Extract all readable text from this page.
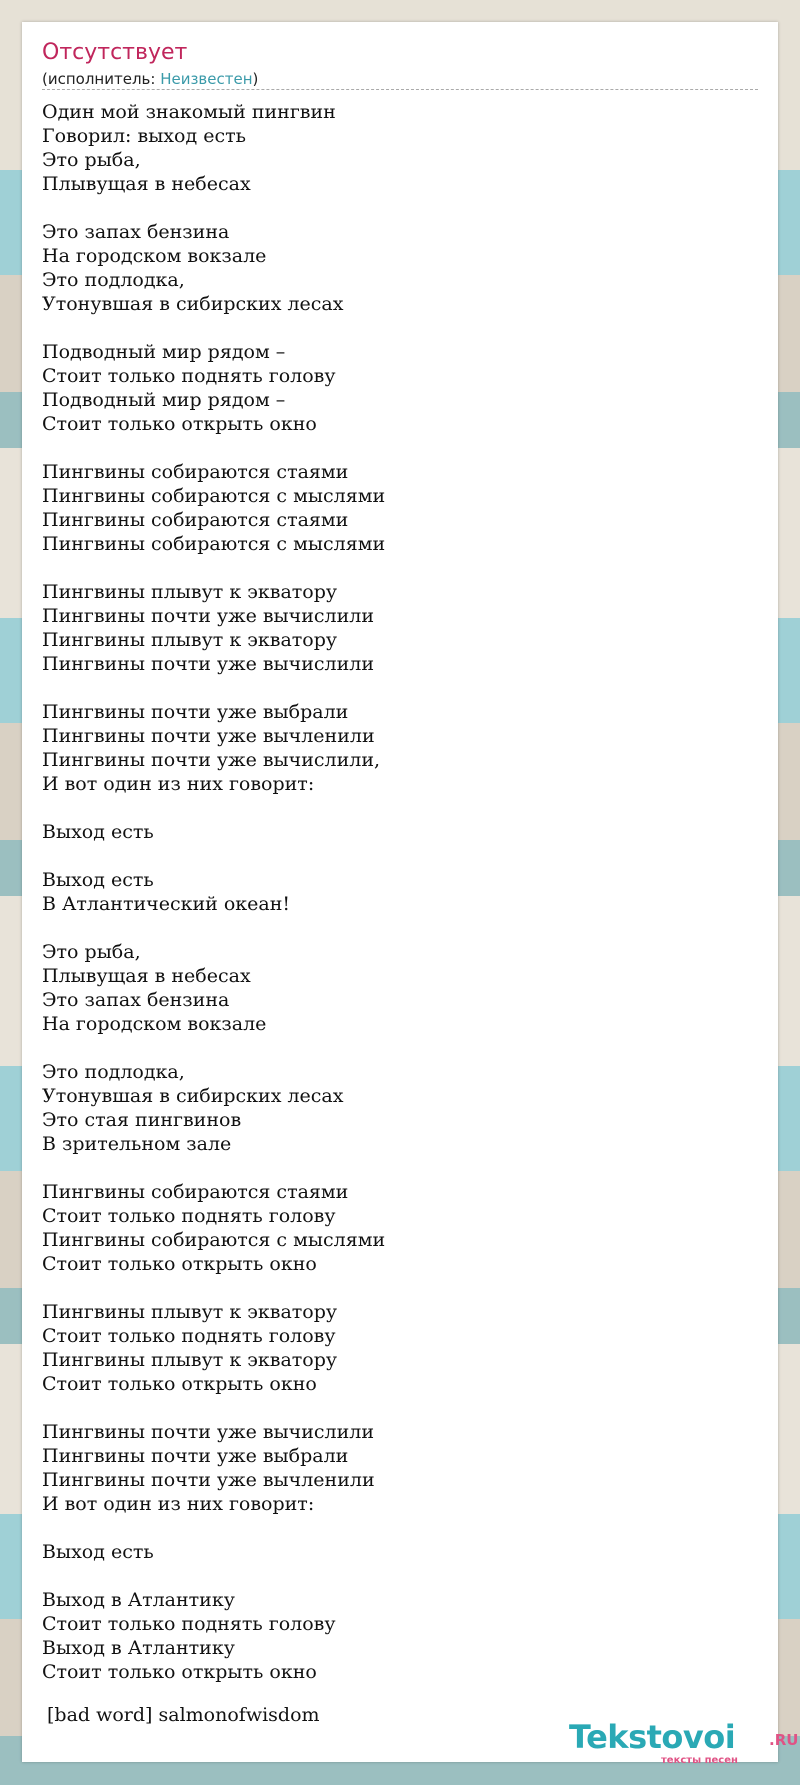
Отсутствует
(исполнитель: Неизвестен)
Один мой знакомый пингвин
Говорил: выход есть
Это рыба,
Плывущая в небесах

Это запах бензина
На городском вокзале
Это подлодка,
Утонувшая в сибирских лесах

Подводный мир рядом –
Стоит только поднять голову
Подводный мир рядом –
Стоит только открыть окно

Пингвины собираются стаями
Пингвины собираются с мыслями
Пингвины собираются стаями
Пингвины собираются с мыслями

Пингвины плывут к экватору
Пингвины почти уже вычислили
Пингвины плывут к экватору
Пингвины почти уже вычислили

Пингвины почти уже выбрали
Пингвины почти уже вычленили
Пингвины почти уже вычислили,
И вот один из них говорит:

Выход есть

Выход есть
В Атлантический океан!

Это рыба,
Плывущая в небесах
Это запах бензина
На городском вокзале

Это подлодка,
Утонувшая в сибирских лесах
Это стая пингвинов
В зрительном зале

Пингвины собираются стаями
Стоит только поднять голову
Пингвины собираются с мыслями
Стоит только открыть окно

Пингвины плывут к экватору
Стоит только поднять голову
Пингвины плывут к экватору
Стоит только открыть окно

Пингвины почти уже вычислили
Пингвины почти уже выбрали
Пингвины почти уже вычленили
И вот один из них говорит:

Выход есть

Выход в Атлантику
Стоит только поднять голову
Выход в Атлантику
Стоит только открыть окно
[bad word] salmonofwisdom
Tekstovoi .RU
тексты песен
